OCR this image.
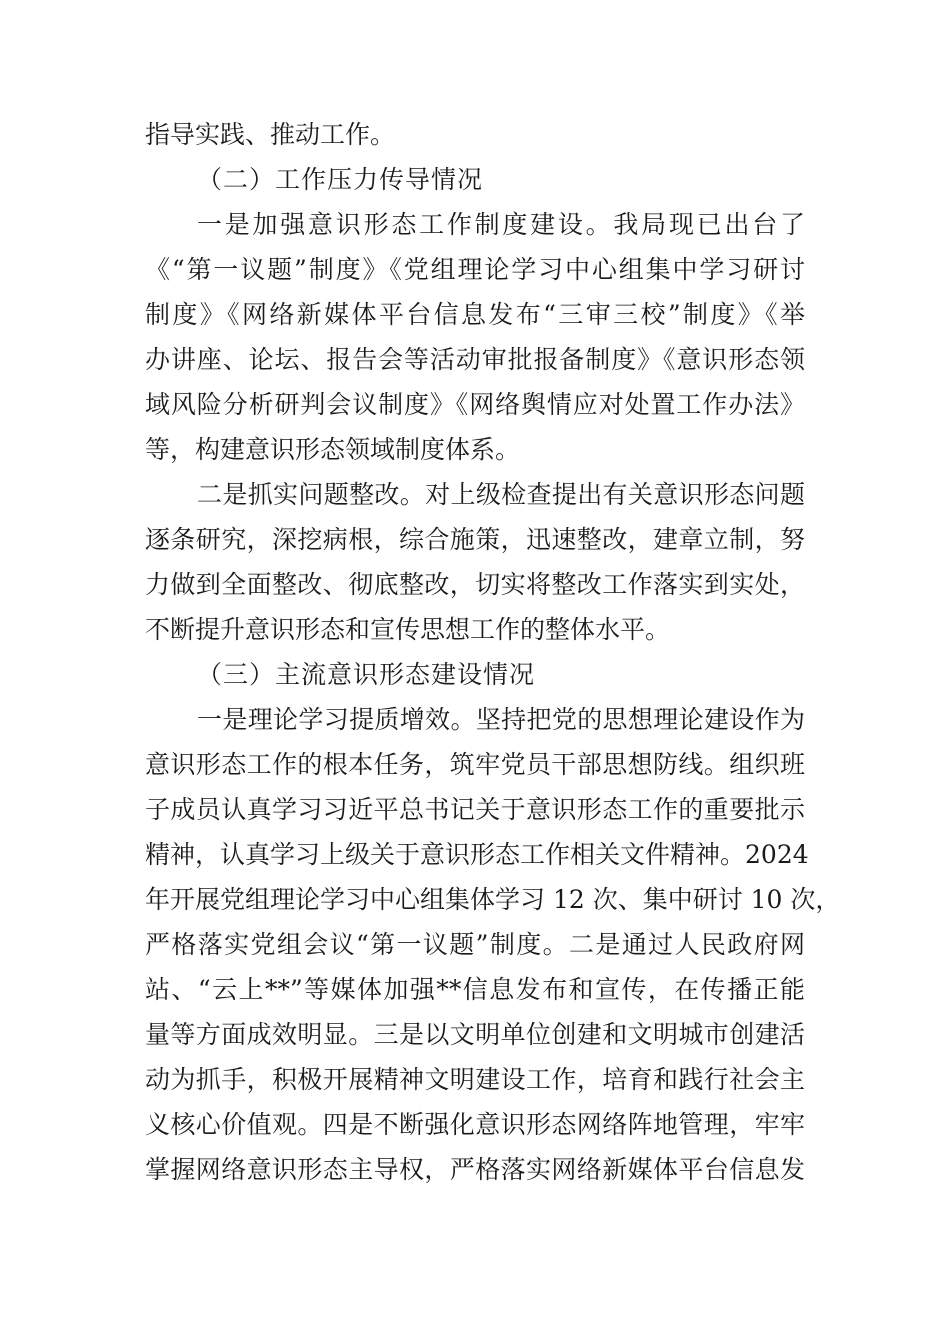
指导实践、推动工作。
（二）工作压力传导情况
一是加强意识形态工作制度建设。我局现已出台了
《“第一议题”制度》《党组理论学习中心组集中学习研讨
制度》《网络新媒体平台信息发布“三审三校”制度》《举
办讲座、论坛、报告会等活动审批报备制度》《意识形态领
域风险分析研判会议制度》《网络舆情应对处置工作办法》
等，构建意识形态领域制度体系。
二是抓实问题整改。对上级检查提出有关意识形态问题
逐条研究，深挖病根，综合施策，迅速整改，建章立制，努
力做到全面整改、彻底整改，切实将整改工作落实到实处，
不断提升意识形态和宣传思想工作的整体水平。
（三）主流意识形态建设情况
一是理论学习提质增效。坚持把党的思想理论建设作为
意识形态工作的根本任务，筑牢党员干部思想防线。组织班
子成员认真学习习近平总书记关于意识形态工作的重要批示
精神，认真学习上级关于意识形态工作相关文件精神。2024
年开展党组理论学习中心组集体学习 12 次、集中研讨 10 次，
严格落实党组会议“第一议题”制度。二是通过人民政府网
站、“云上**”等媒体加强**信息发布和宣传，在传播正能
量等方面成效明显。三是以文明单位创建和文明城市创建活
动为抓手，积极开展精神文明建设工作，培育和践行社会主
义核心价值观。四是不断强化意识形态网络阵地管理，牢牢
掌握网络意识形态主导权，严格落实网络新媒体平台信息发
